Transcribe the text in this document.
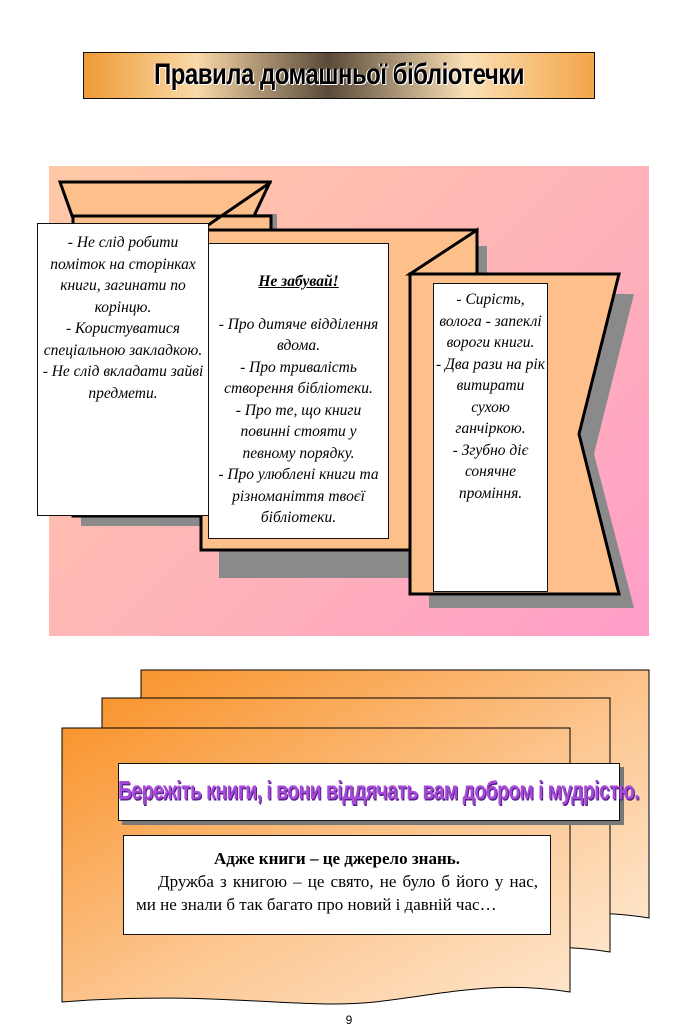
Правила домашньої бібліотечки
- Не слід робити поміток на сторінках книги, загинати по корінцю.
- Користуватися спеціальною закладкою.
- Не слід вкладати зайві предмети.

Не забувай!

- Про дитяче відділення вдома.
- Про тривалість створення бібліотеки.
- Про те, що книги повинні стояти у певному порядку.
- Про улюблені книги та різноманіття твоєї бібліотеки.

- Сирість, волога - запеклі вороги книги.
- Два рази на рік витирати сухою ганчіркою.
- Згубно діє сонячне проміння.
Бережіть книги, і вони віддячать вам добром і мудрістю.
Адже книги – це джерело знань.
Дружба з книгою – це свято, не було б його у нас, ми не знали б так багато про новий і давній час…
9
